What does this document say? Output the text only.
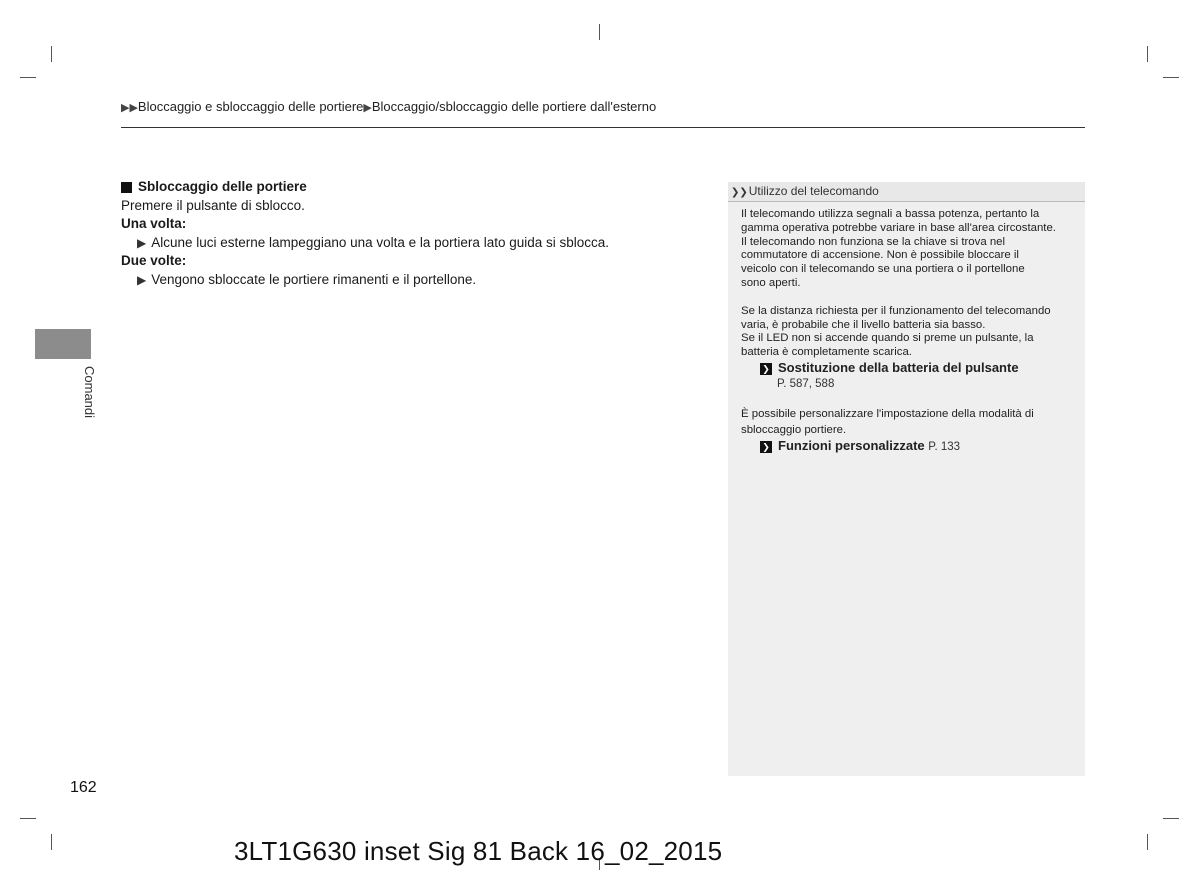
▶▶Bloccaggio e sbloccaggio delle portiere▶Bloccaggio/sbloccaggio delle portiere dall'esterno
Comandi
Sbloccaggio delle portiere
Premere il pulsante di sblocco.
Una volta:
▶ Alcune luci esterne lampeggiano una volta e la portiera lato guida si sblocca.
Due volte:
▶ Vengono sbloccate le portiere rimanenti e il portellone.
❯❯Utilizzo del telecomando

Il telecomando utilizza segnali a bassa potenza, pertanto la
gamma operativa potrebbe variare in base all'area circostante.
Il telecomando non funziona se la chiave si trova nel
commutatore di accensione. Non è possibile bloccare il
veicolo con il telecomando se una portiera o il portellone
sono aperti.

Se la distanza richiesta per il funzionamento del telecomando
varia, è probabile che il livello batteria sia basso.
Se il LED non si accende quando si preme un pulsante, la
batteria è completamente scarica.

❯ Sostituzione della batteria del pulsante
P. 587, 588

È possibile personalizzare l'impostazione della modalità di
sbloccaggio portiere.

❯ Funzioni personalizzate P. 133
162
3LT1G630 inset Sig 81 Back 16_02_2015
